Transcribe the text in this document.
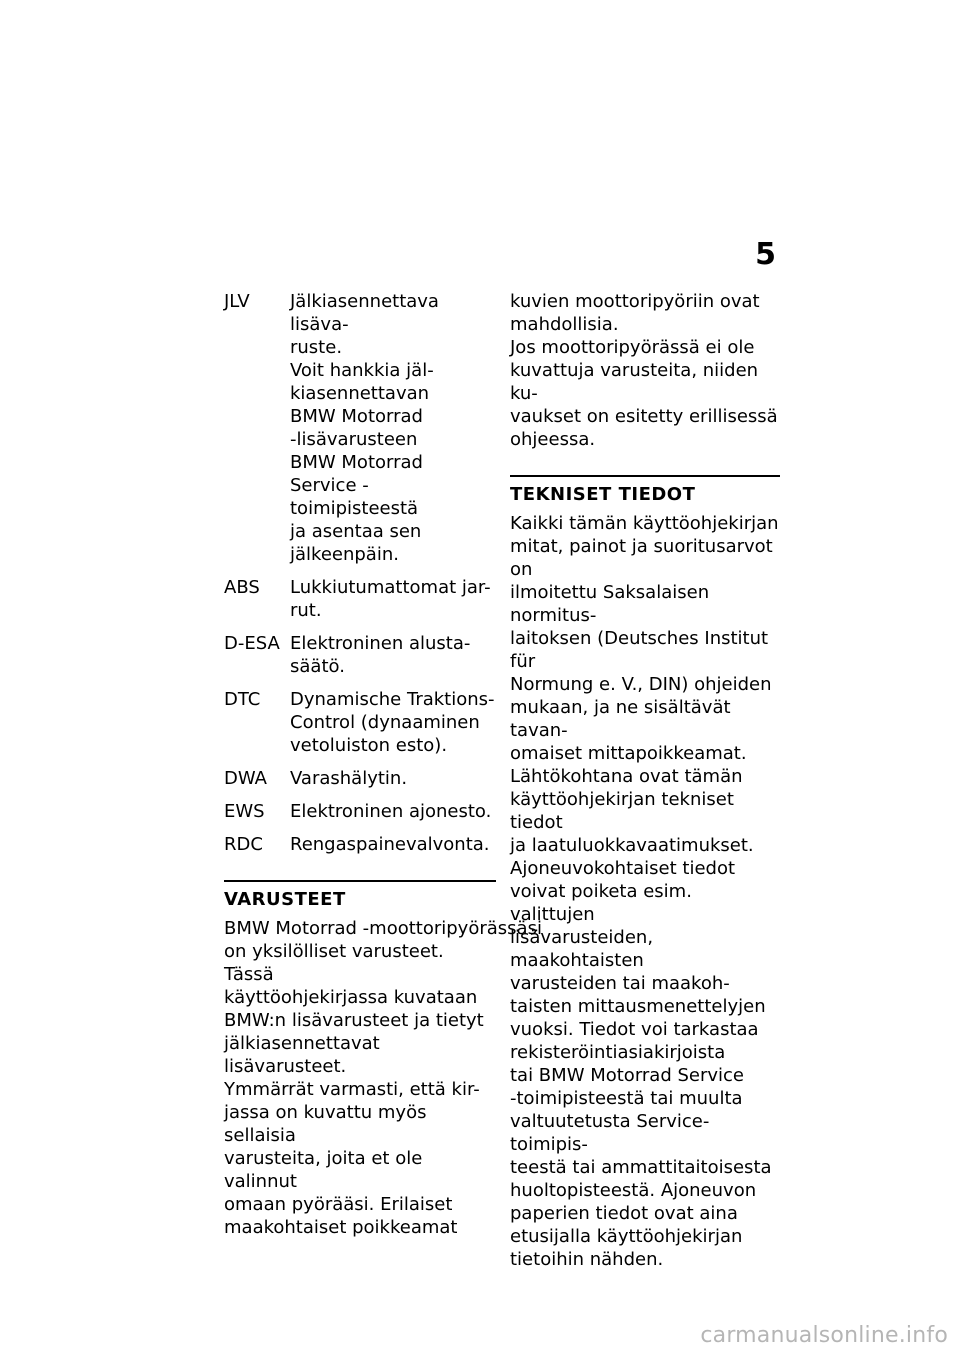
5
JLV	Jälkiasennettava lisäva-

ruste.

Voit hankkia jäl-

kiasennettavan

BMW Motorrad

-lisävarusteen

BMW Motorrad

Service -toimipisteestä

ja asentaa sen

jälkeenpäin.

ABS	Lukkiutumattomat jar-

rut.

D-ESA Elektroninen alusta-

säätö.

DTC	Dynamische Traktions-

Control (dynaaminen

vetoluiston esto).

DWA	Varashälytin.

EWS	Elektroninen ajonesto.

RDC	Rengaspainevalvonta.

VARUSTEET

BMW Motorrad -moottoripyörässäsi

on yksilölliset varusteet. Tässä

käyttöohjekirjassa kuvataan

BMW:n lisävarusteet ja tietyt

jälkiasennettavat lisävarusteet.

Ymmärrät varmasti, että kir-

jassa on kuvattu myös sellaisia

varusteita, joita et ole valinnut

omaan pyörääsi. Erilaiset

maakohtaiset poikkeamat

kuvien moottoripyöriin ovat

mahdollisia.

Jos moottoripyörässä ei ole

kuvattuja varusteita, niiden ku-

vaukset on esitetty erillisessä

ohjeessa.

TEKNISET TIEDOT

Kaikki tämän käyttöohjekirjan

mitat, painot ja suoritusarvot on

ilmoitettu Saksalaisen normitus-

laitoksen (Deutsches Institut für

Normung e. V., DIN) ohjeiden

mukaan, ja ne sisältävät tavan-

omaiset mittapoikkeamat.

Lähtökohtana ovat tämän

käyttöohjekirjan tekniset tiedot

ja laatuluokkavaatimukset.

Ajoneuvokohtaiset tiedot

voivat poiketa esim. valittujen

lisävarusteiden, maakohtaisten

varusteiden tai maakoh-

taisten mittausmenettelyjen

vuoksi. Tiedot voi tarkastaa

rekisteröintiasiakirjoista

tai BMW Motorrad Service

-toimipisteestä tai muulta

valtuutetusta Service-toimipis-

teestä tai ammattitaitoisesta

huoltopisteestä. Ajoneuvon

paperien tiedot ovat aina

etusijalla käyttöohjekirjan

tietoihin nähden.

carmanualsonline.info
